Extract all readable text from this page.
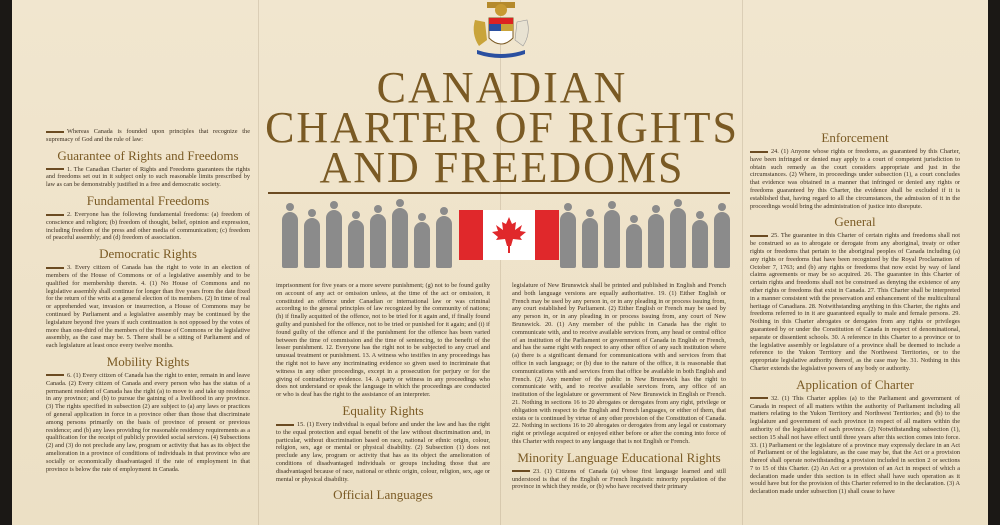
CANADIAN
CHARTER OF RIGHTS
AND FREEDOMS

Whereas Canada is founded upon principles that recognize the supremacy of God and the rule of law:

Guarantee of Rights and Freedoms

1. The Canadian Charter of Rights and Freedoms guarantees the rights and freedoms set out in it subject only to such reasonable limits prescribed by law as can be demonstrably justified in a free and democratic society.

Fundamental Freedoms

2. Everyone has the following fundamental freedoms: (a) freedom of conscience and religion; (b) freedom of thought, belief, opinion and expression, including freedom of the press and other media of communication; (c) freedom of peaceful assembly; and (d) freedom of association.

Democratic Rights

3. Every citizen of Canada has the right to vote in an election of members of the House of Commons or of a legislative assembly and to be qualified for membership therein. 4. (1) No House of Commons and no legislative assembly shall continue for longer than five years from the date fixed for the return of the writs at a general election of its members. (2) In time of real or apprehended war, invasion or insurrection, a House of Commons may be continued by Parliament and a legislative assembly may be continued by the legislature beyond five years if such continuation is not opposed by the votes of more than one-third of the members of the House of Commons or the legislative assembly, as the case may be. 5. There shall be a sitting of Parliament and of each legislature at least once every twelve months.

Mobility Rights

6. (1) Every citizen of Canada has the right to enter, remain in and leave Canada. (2) Every citizen of Canada and every person who has the status of a permanent resident of Canada has the right (a) to move to and take up residence in any province; and (b) to pursue the gaining of a livelihood in any province. (3) The rights specified in subsection (2) are subject to (a) any laws or practices of general application in force in a province other than those that discriminate among persons primarily on the basis of province of present or previous residence; and (b) any laws providing for reasonable residency requirements as a qualification for the receipt of publicly provided social services. (4) Subsections (2) and (3) do not preclude any law, program or activity that has as its object the amelioration in a province of conditions of individuals in that province who are socially or economically disadvantaged if the rate of employment in that province is below the rate of employment in Canada.

imprisonment for five years or a more severe punishment; (g) not to be found guilty on account of any act or omission unless, at the time of the act or omission, it constituted an offence under Canadian or international law or was criminal according to the general principles of law recognized by the community of nations; (h) if finally acquitted of the offence, not to be tried for it again and, if finally found guilty and punished for the offence, not to be tried or punished for it again; and (i) if found guilty of the offence and if the punishment for the offence has been varied between the time of commission and the time of sentencing, to the benefit of the lesser punishment. 12. Everyone has the right not to be subjected to any cruel and unusual treatment or punishment. 13. A witness who testifies in any proceedings has the right not to have any incriminating evidence so given used to incriminate that witness in any other proceedings, except in a prosecution for perjury or for the giving of contradictory evidence. 14. A party or witness in any proceedings who does not understand or speak the language in which the proceedings are conducted or who is deaf has the right to the assistance of an interpreter.

Equality Rights

15. (1) Every individual is equal before and under the law and has the right to the equal protection and equal benefit of the law without discrimination and, in particular, without discrimination based on race, national or ethnic origin, colour, religion, sex, age or mental or physical disability. (2) Subsection (1) does not preclude any law, program or activity that has as its object the amelioration of conditions of disadvantaged individuals or groups including those that are disadvantaged because of race, national or ethnic origin, colour, religion, sex, age or mental or physical disability.

Official Languages

legislature of New Brunswick shall be printed and published in English and French and both language versions are equally authoritative. 19. (1) Either English or French may be used by any person in, or in any pleading in or process issuing from, any court established by Parliament. (2) Either English or French may be used by any person in, or in any pleading in or process issuing from, any court of New Brunswick. 20. (1) Any member of the public in Canada has the right to communicate with, and to receive available services from, any head or central office of an institution of the Parliament or government of Canada in English or French, and has the same right with respect to any other office of any such institution where (a) there is a significant demand for communications with and services from that office in such language; or (b) due to the nature of the office, it is reasonable that communications with and services from that office be available in both English and French. (2) Any member of the public in New Brunswick has the right to communicate with, and to receive available services from, any office of an institution of the legislature or government of New Brunswick in English or French. 21. Nothing in sections 16 to 20 abrogates or derogates from any right, privilege or obligation with respect to the English and French languages, or either of them, that exists or is continued by virtue of any other provision of the Constitution of Canada. 22. Nothing in sections 16 to 20 abrogates or derogates from any legal or customary right or privilege acquired or enjoyed either before or after the coming into force of this Charter with respect to any language that is not English or French.

Minority Language Educational Rights

23. (1) Citizens of Canada (a) whose first language learned and still understood is that of the English or French linguistic minority population of the province in which they reside, or (b) who have received their primary

Enforcement

24. (1) Anyone whose rights or freedoms, as guaranteed by this Charter, have been infringed or denied may apply to a court of competent jurisdiction to obtain such remedy as the court considers appropriate and just in the circumstances. (2) Where, in proceedings under subsection (1), a court concludes that evidence was obtained in a manner that infringed or denied any rights or freedoms guaranteed by this Charter, the evidence shall be excluded if it is established that, having regard to all the circumstances, the admission of it in the proceedings would bring the administration of justice into disrepute.

General

25. The guarantee in this Charter of certain rights and freedoms shall not be construed so as to abrogate or derogate from any aboriginal, treaty or other rights or freedoms that pertain to the aboriginal peoples of Canada including (a) any rights or freedoms that have been recognized by the Royal Proclamation of October 7, 1763; and (b) any rights or freedoms that now exist by way of land claims agreements or may be so acquired. 26. The guarantee in this Charter of certain rights and freedoms shall not be construed as denying the existence of any other rights or freedoms that exist in Canada. 27. This Charter shall be interpreted in a manner consistent with the preservation and enhancement of the multicultural heritage of Canadians. 28. Notwithstanding anything in this Charter, the rights and freedoms referred to in it are guaranteed equally to male and female persons. 29. Nothing in this Charter abrogates or derogates from any rights or privileges guaranteed by or under the Constitution of Canada in respect of denominational, separate or dissentient schools. 30. A reference in this Charter to a province or to the legislative assembly or legislature of a province shall be deemed to include a reference to the Yukon Territory and the Northwest Territories, or to the appropriate legislative authority thereof, as the case may be. 31. Nothing in this Charter extends the legislative powers of any body or authority.

Application of Charter

32. (1) This Charter applies (a) to the Parliament and government of Canada in respect of all matters within the authority of Parliament including all matters relating to the Yukon Territory and Northwest Territories; and (b) to the legislature and government of each province in respect of all matters within the authority of the legislature of each province. (2) Notwithstanding subsection (1), section 15 shall not have effect until three years after this section comes into force. 33. (1) Parliament or the legislature of a province may expressly declare in an Act of Parliament or of the legislature, as the case may be, that the Act or a provision thereof shall operate notwithstanding a provision included in section 2 or sections 7 to 15 of this Charter. (2) An Act or a provision of an Act in respect of which a declaration made under this section is in effect shall have such operation as it would have but for the provision of this Charter referred to in the declaration. (3) A declaration made under subsection (1) shall cease to have
